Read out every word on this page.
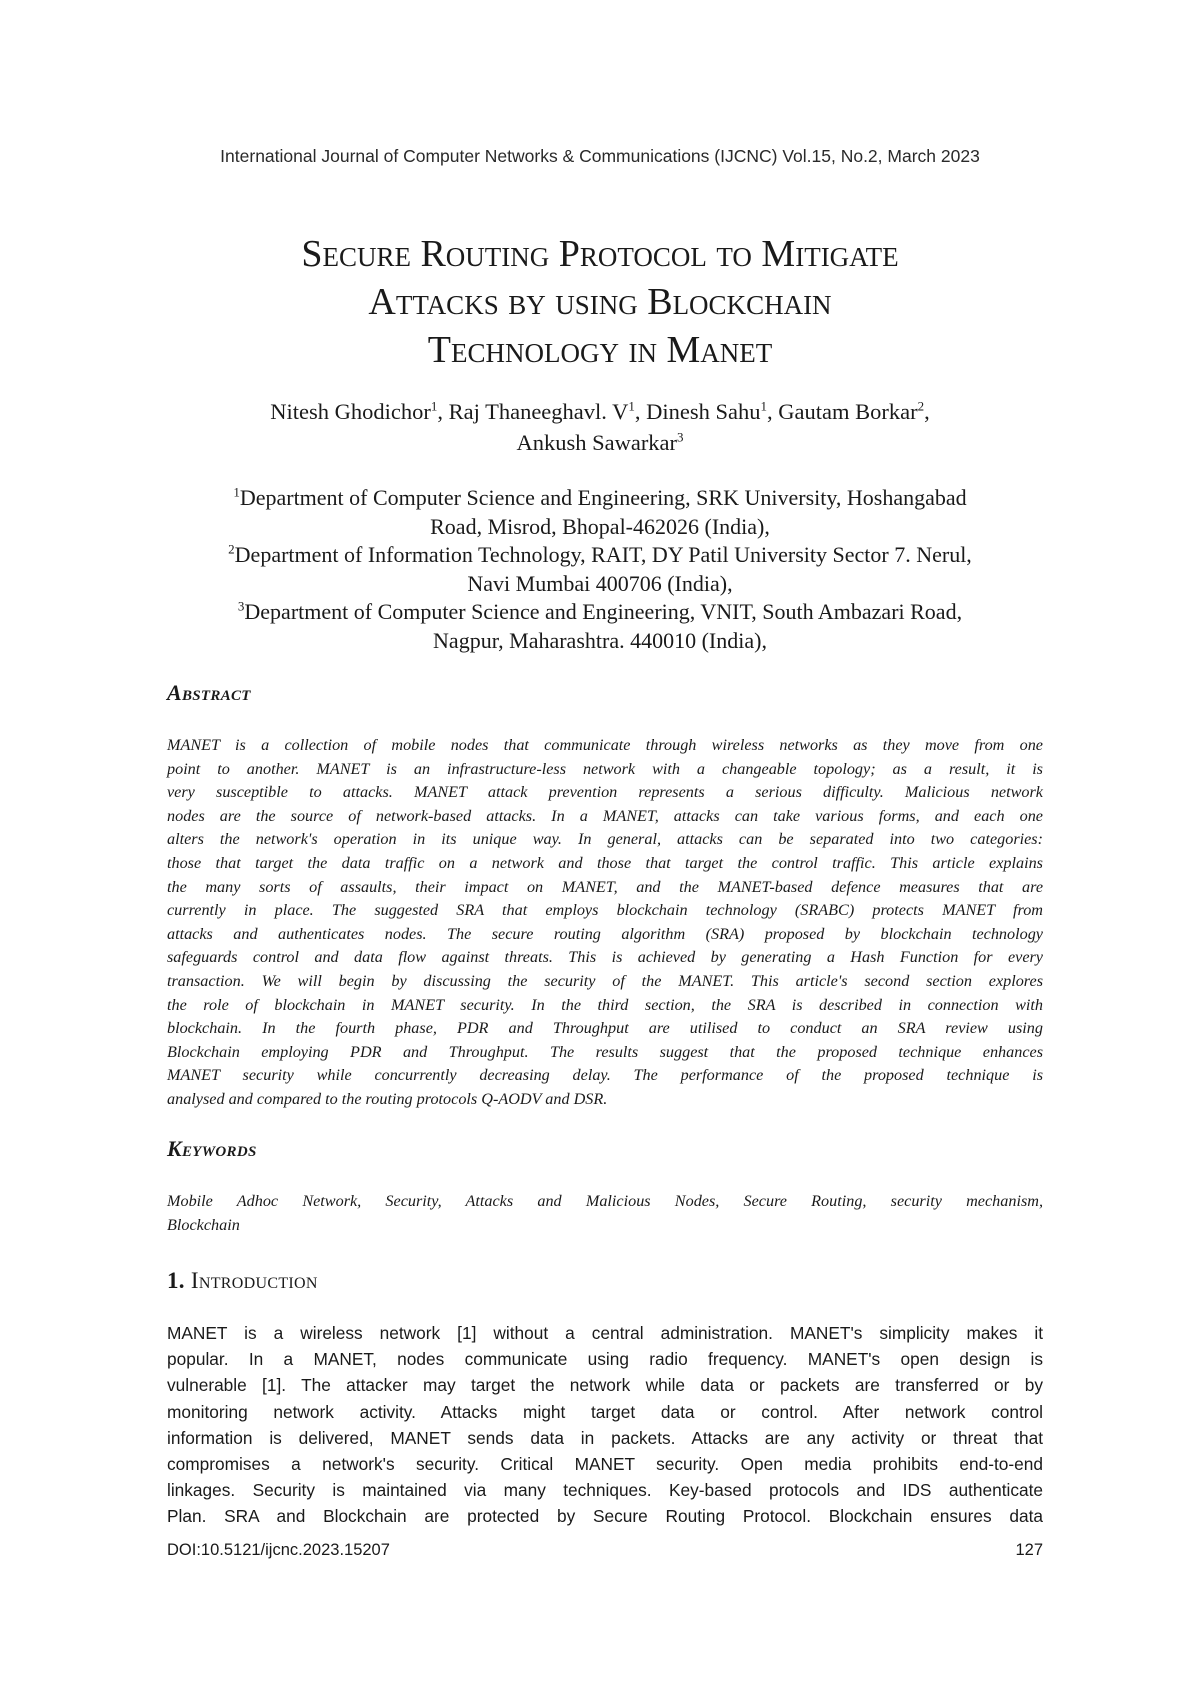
International Journal of Computer Networks & Communications (IJCNC) Vol.15, No.2, March 2023
Secure Routing Protocol to Mitigate
Attacks by using Blockchain
Technology in Manet
Nitesh Ghodichor$^1$, Raj Thaneeghavl. $V^1$, Dinesh Sahu$^1$, Gautam Borkar$^2$,
Ankush Sawarkar$^3$
$^1$Department of Computer Science and Engineering, SRK University, Hoshangabad
Road, Misrod, Bhopal-462026 (India),
$^2$Department of Information Technology, RAIT, DY Patil University Sector 7. Nerul,
Navi Mumbai 400706 (India),
$^3$Department of Computer Science and Engineering, VNIT, South Ambazari Road,
Nagpur, Maharashtra. 440010 (India),
Abstract
MANET is a collection of mobile nodes that communicate through wireless networks as they move from one
point to another. MANET is an infrastructure-less network with a changeable topology; as a result, it is
very susceptible to attacks. MANET attack prevention represents a serious difficulty. Malicious network
nodes are the source of network-based attacks. In a MANET, attacks can take various forms, and each one
alters the network's operation in its unique way. In general, attacks can be separated into two categories:
those that target the data traffic on a network and those that target the control traffic. This article explains
the many sorts of assaults, their impact on MANET, and the MANET-based defence measures that are
currently in place. The suggested SRA that employs blockchain technology (SRABC) protects MANET from
attacks and authenticates nodes. The secure routing algorithm (SRA) proposed by blockchain technology
safeguards control and data flow against threats. This is achieved by generating a Hash Function for every
transaction. We will begin by discussing the security of the MANET. This article's second section explores
the role of blockchain in MANET security. In the third section, the SRA is described in connection with
blockchain. In the fourth phase, PDR and Throughput are utilised to conduct an SRA review using
Blockchain employing PDR and Throughput. The results suggest that the proposed technique enhances
MANET security while concurrently decreasing delay. The performance of the proposed technique is
analysed and compared to the routing protocols Q-AODV and DSR.
Keywords
Mobile Adhoc Network, Security, Attacks and Malicious Nodes, Secure Routing, security mechanism,
Blockchain
1. Introduction
MANET is a wireless network [1] without a central administration. MANET's simplicity makes it
popular. In a MANET, nodes communicate using radio frequency. MANET's open design is
vulnerable [1]. The attacker may target the network while data or packets are transferred or by
monitoring network activity. Attacks might target data or control. After network control
information is delivered, MANET sends data in packets. Attacks are any activity or threat that
compromises a network's security. Critical MANET security. Open media prohibits end-to-end
linkages. Security is maintained via many techniques. Key-based protocols and IDS authenticate
Plan. SRA and Blockchain are protected by Secure Routing Protocol. Blockchain ensures data
DOI:10.5121/ijcnc.2023.15207	127
